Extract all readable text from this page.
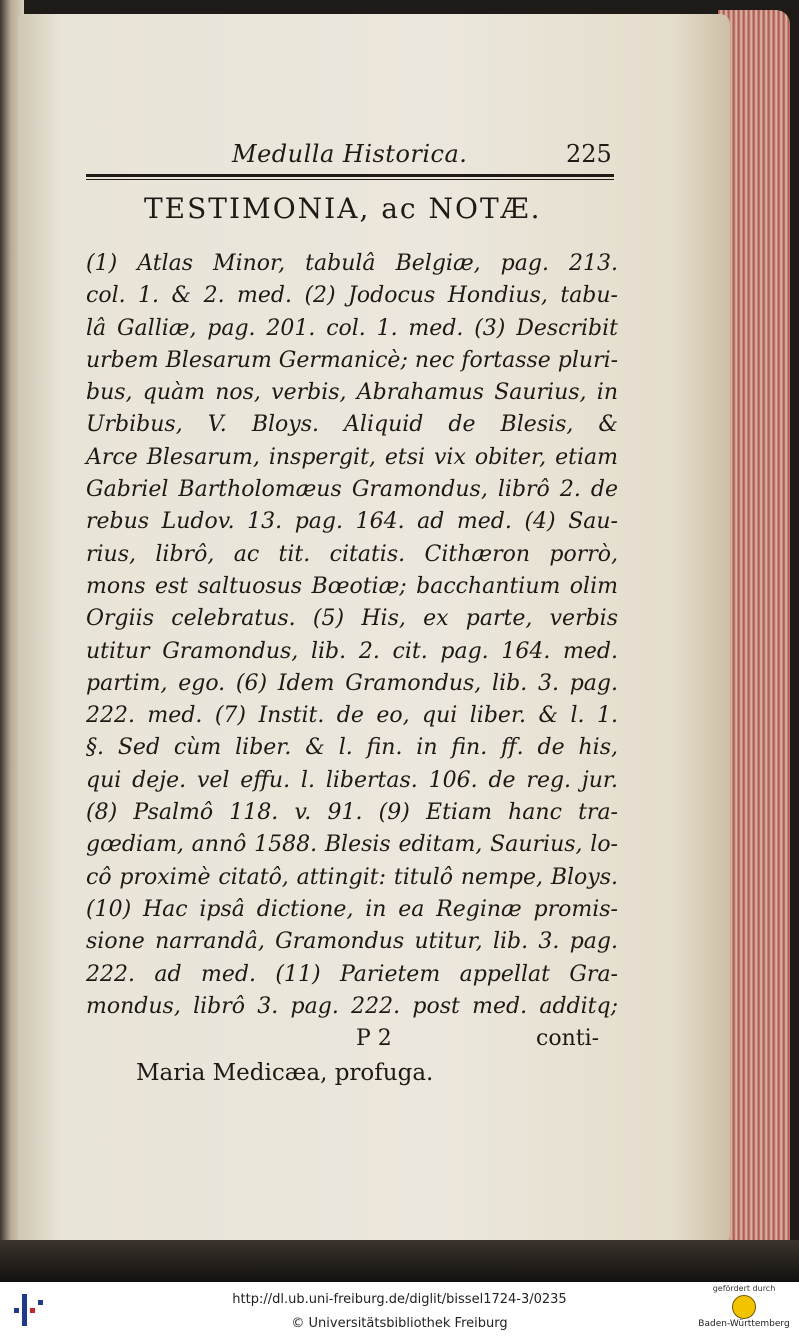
Medulla Historica.	225
TESTIMONIA, ac NOTÆ.
(1) Atlas Minor, tabulâ Belgiæ, pag. 213.
col. 1. & 2. med. (2) Jodocus Hondius, tabu-
lâ Galliæ, pag. 201. col. 1. med. (3) Describit
urbem Blesarum Germanicè; nec fortasse pluri-
bus, quàm nos, verbis, Abrahamus Saurius, in
Urbibus, V. Bloys. Aliquid de Blesis, &
Arce Blesarum, inspergit, etsi vix obiter, etiam
Gabriel Bartholomæus Gramondus, librô 2. de
rebus Ludov. 13. pag. 164. ad med. (4) Sau-
rius, librô, ac tit. citatis. Cithæron porrò,
mons est saltuosus Bœotiæ; bacchantium olim
Orgiis celebratus. (5) His, ex parte, verbis
utitur Gramondus, lib. 2. cit. pag. 164. med.
partim, ego. (6) Idem Gramondus, lib. 3. pag.
222. med. (7) Instit. de eo, qui liber. & l. 1.
§. Sed cùm liber. & l. fin. in fin. ff. de his,
qui deje. vel effu. l. libertas. 106. de reg. jur.
(8) Psalmô 118. v. 91. (9) Etiam hanc tra-
gœdiam, annô 1588. Blesis editam, Saurius, lo-
cô proximè citatô, attingit: titulô nempe, Bloys.
(10) Hac ipsâ dictione, in ea Reginæ promis-
sione narrandâ, Gramondus utitur, lib. 3. pag.
222. ad med. (11) Parietem appellat Gra-
mondus, librô 3. pag. 222. post med. additq;
P 2	conti-
Maria Medicæa, profuga.
http://dl.ub.uni-freiburg.de/diglit/bissel1724-3/0235
© Universitätsbibliothek Freiburg
gefördert durch
Baden-Württemberg
